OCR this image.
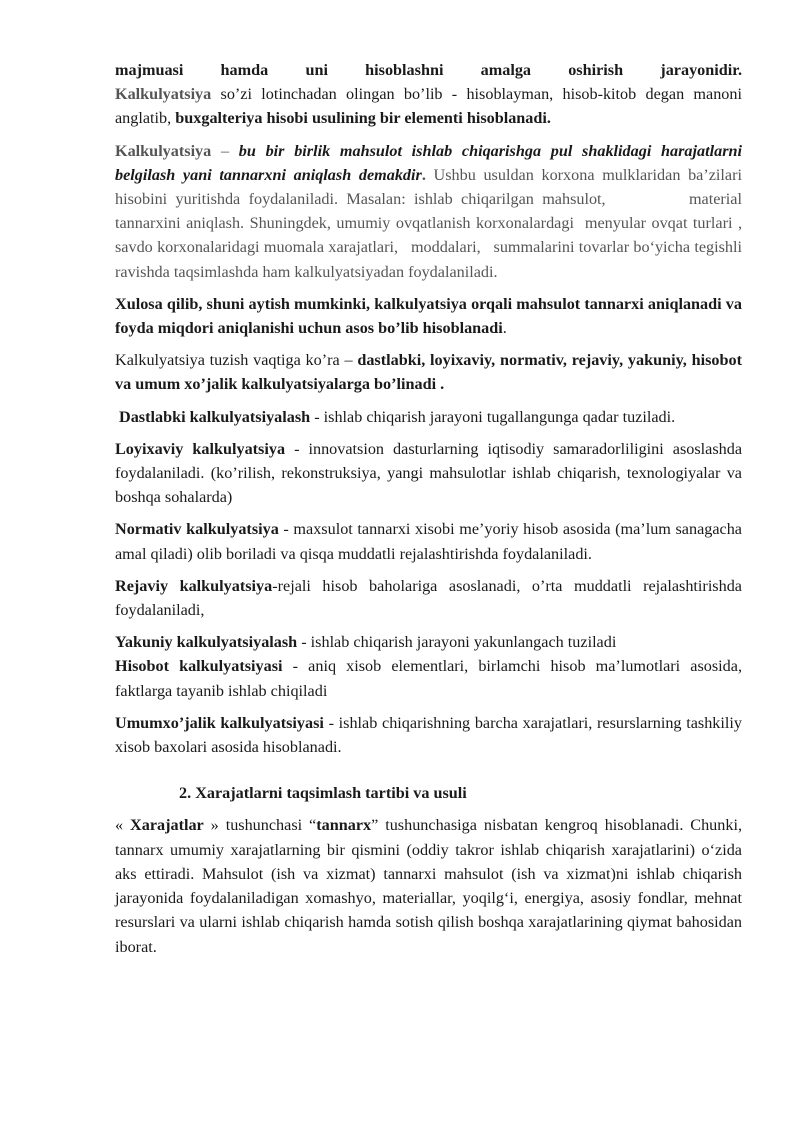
majmuasi hamda uni hisoblashni amalga oshirish jarayonidir.
Kalkulyatsiya so’zi lotinchadan olingan bo’lib - hisoblayman, hisob-kitob degan manoni anglatib, buxgalteriya hisobi usulining bir elementi hisoblanadi.

Kalkulyatsiya – bu bir birlik mahsulot ishlab chiqarishga pul shaklidagi harajatlarni belgilash yani tannarxni aniqlash demakdir. Ushbu usuldan korxona mulklaridan ba’zilari hisobini yuritishda foydalaniladi. Masalan: ishlab chiqarilgan mahsulot,          material tannarxini aniqlash. Shuningdek, umumiy ovqatlanish korxonalardagi  menyular ovqat turlari , savdo korxonalaridagi muomala xarajatlari,   moddalari,   summalarini tovarlar bo‘yicha tegishli ravishda taqsimlashda ham kalkulyatsiyadan foydalaniladi.

Xulosa qilib, shuni aytish mumkinki, kalkulyatsiya orqali mahsulot tannarxi aniqlanadi va foyda miqdori aniqlanishi uchun asos bo’lib hisoblanadi.

Kalkulyatsiya tuzish vaqtiga ko’ra – dastlabki, loyixaviy, normativ, rejaviy, yakuniy, hisobot va umum xo’jalik kalkulyatsiyalarga bo’linadi .

Dastlabki kalkulyatsiyalash - ishlab chiqarish jarayoni tugallangunga qadar tuziladi.

Loyixaviy kalkulyatsiya - innovatsion dasturlarning iqtisodiy samaradorliligini asoslashda foydalaniladi. (ko’rilish, rekonstruksiya, yangi mahsulotlar ishlab chiqarish, texnologiyalar va boshqa sohalarda)

Normativ kalkulyatsiya - maxsulot tannarxi xisobi me’yoriy hisob asosida (ma’lum sanagacha amal qiladi) olib boriladi va qisqa muddatli rejalashtirishda foydalaniladi.

Rejaviy kalkulyatsiya-rejali hisob baholariga asoslanadi, o’rta muddatli rejalashtirishda foydalaniladi,

Yakuniy kalkulyatsiyalash - ishlab chiqarish jarayoni yakunlangach tuziladi
Hisobot kalkulyatsiyasi - aniq xisob elementlari, birlamchi hisob ma’lumotlari asosida, faktlarga tayanib ishlab chiqiladi

Umumxo’jalik kalkulyatsiyasi - ishlab chiqarishning barcha xarajatlari, resurslarning tashkiliy xisob baxolari asosida hisoblanadi.

2. Xarajatlarni taqsimlash tartibi va usuli

« Xarajatlar » tushunchasi “tannarx” tushunchasiga nisbatan kengroq hisoblanadi. Chunki, tannarx umumiy xarajatlarning bir qismini (oddiy takror ishlab chiqarish xarajatlarini) o‘zida aks ettiradi. Mahsulot (ish va xizmat) tannarxi mahsulot (ish va xizmat)ni ishlab chiqarish jarayonida foydalaniladigan xomashyo, materiallar, yoqilg‘i, energiya, asosiy fondlar, mehnat resurslari va ularni ishlab chiqarish hamda sotish qilish boshqa xarajatlarining qiymat bahosidan iborat.
